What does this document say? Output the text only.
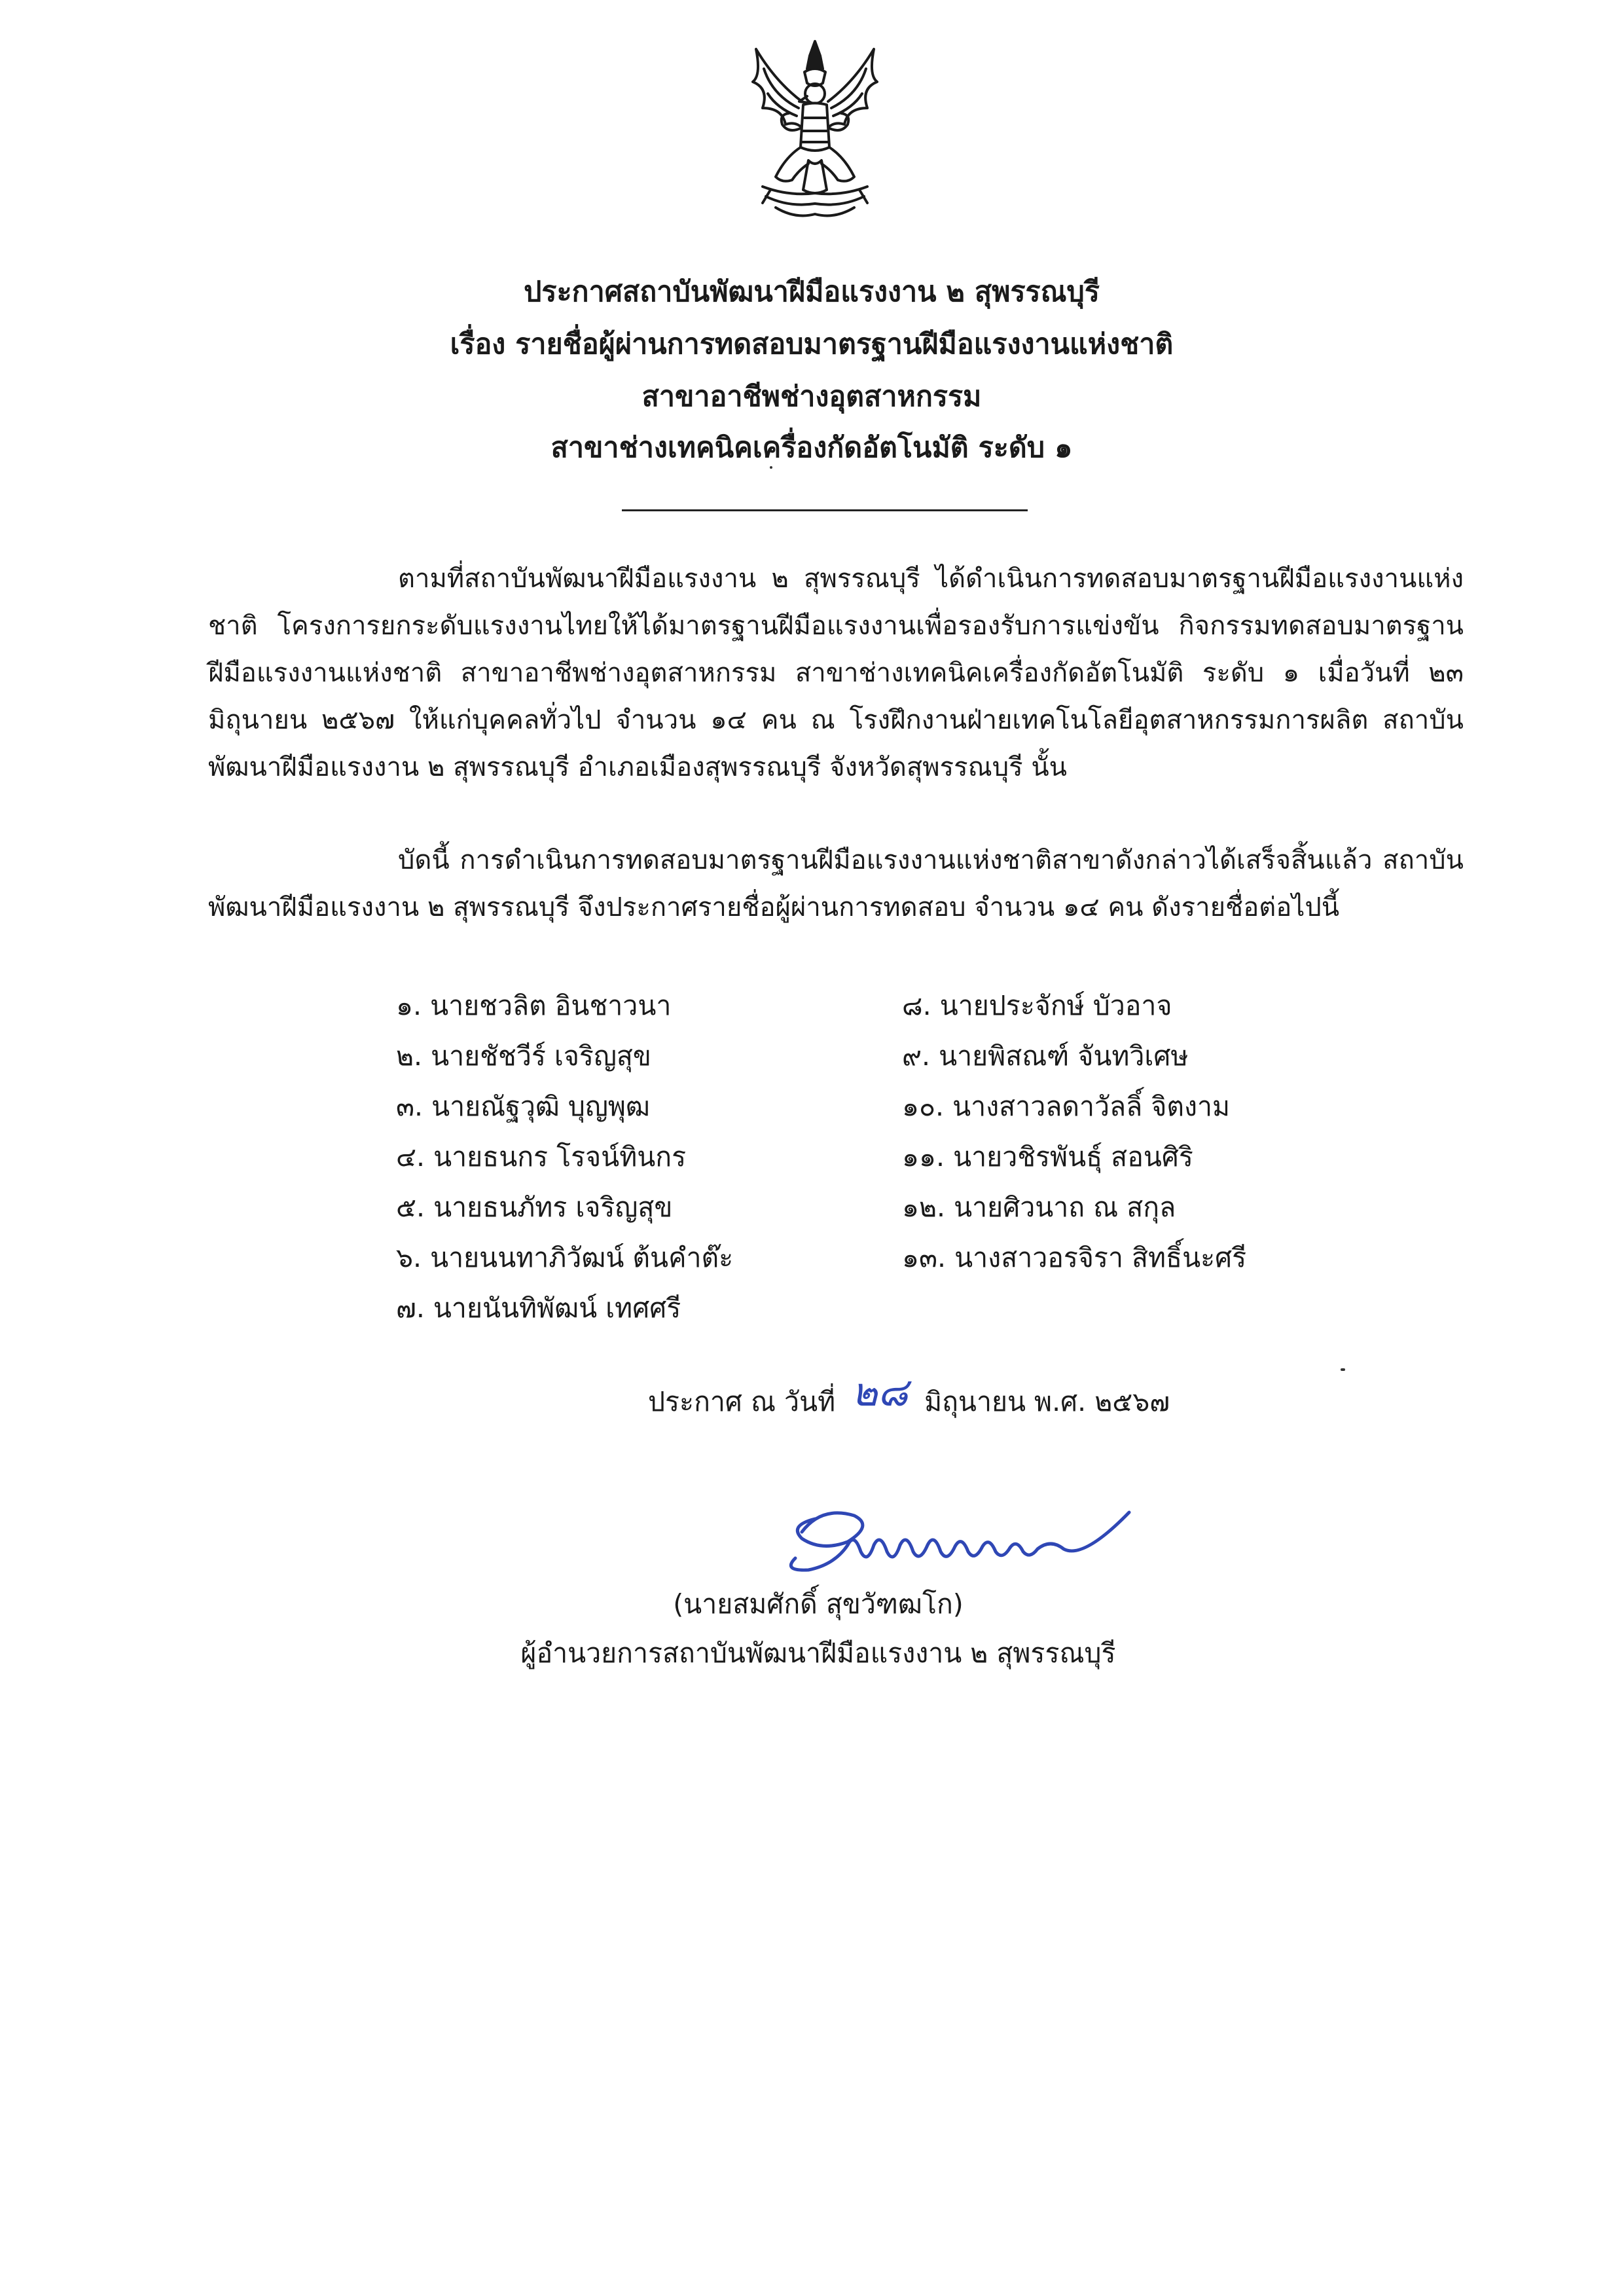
ประกาศสถาบันพัฒนาฝีมือแรงงาน ๒ สุพรรณบุรี
เรื่อง รายชื่อผู้ผ่านการทดสอบมาตรฐานฝีมือแรงงานแห่งชาติ
สาขาอาชีพช่างอุตสาหกรรม
สาขาช่างเทคนิคเครื่องกัดอัตโนมัติ ระดับ ๑
ตามที่สถาบันพัฒนาฝีมือแรงงาน ๒ สุพรรณบุรี ได้ดำเนินการทดสอบมาตรฐานฝีมือแรงงานแห่งชาติ โครงการยกระดับแรงงานไทยให้ได้มาตรฐานฝีมือแรงงานเพื่อรองรับการแข่งขัน กิจกรรมทดสอบมาตรฐานฝีมือแรงงานแห่งชาติ สาขาอาชีพช่างอุตสาหกรรม สาขาช่างเทคนิคเครื่องกัดอัตโนมัติ ระดับ ๑ เมื่อวันที่ ๒๓ มิถุนายน ๒๕๖๗ ให้แก่บุคคลทั่วไป จำนวน ๑๔ คน ณ โรงฝึกงานฝ่ายเทคโนโลยีอุตสาหกรรมการผลิต สถาบันพัฒนาฝีมือแรงงาน ๒ สุพรรณบุรี อำเภอเมืองสุพรรณบุรี จังหวัดสุพรรณบุรี นั้น
บัดนี้ การดำเนินการทดสอบมาตรฐานฝีมือแรงงานแห่งชาติสาขาดังกล่าวได้เสร็จสิ้นแล้ว สถาบันพัฒนาฝีมือแรงงาน ๒ สุพรรณบุรี จึงประกาศรายชื่อผู้ผ่านการทดสอบ จำนวน ๑๔ คน ดังรายชื่อต่อไปนี้
๑. นายชวลิต อินชาวนา
๒. นายชัชวีร์ เจริญสุข
๓. นายณัฐวุฒิ บุญพุฒ
๔. นายธนกร โรจน์ทินกร
๕. นายธนภัทร เจริญสุข
๖. นายนนทาภิวัฒน์ ต้นคำต๊ะ
๗. นายนันทิพัฒน์ เทศศรี
๘. นายประจักษ์ บัวอาจ
๙. นายพิสณฑ์ จันทวิเศษ
๑๐. นางสาวลดาวัลลิ์ จิตงาม
๑๑. นายวชิรพันธุ์ สอนศิริ
๑๒. นายศิวนาถ ณ สกุล
๑๓. นางสาวอรจิรา สิทธิ์นะศรี
ประกาศ ณ วันที่ ๒๘ มิถุนายน พ.ศ. ๒๕๖๗
(นายสมศักดิ์ สุขวัฑฒโก)
ผู้อำนวยการสถาบันพัฒนาฝีมือแรงงาน ๒ สุพรรณบุรี
